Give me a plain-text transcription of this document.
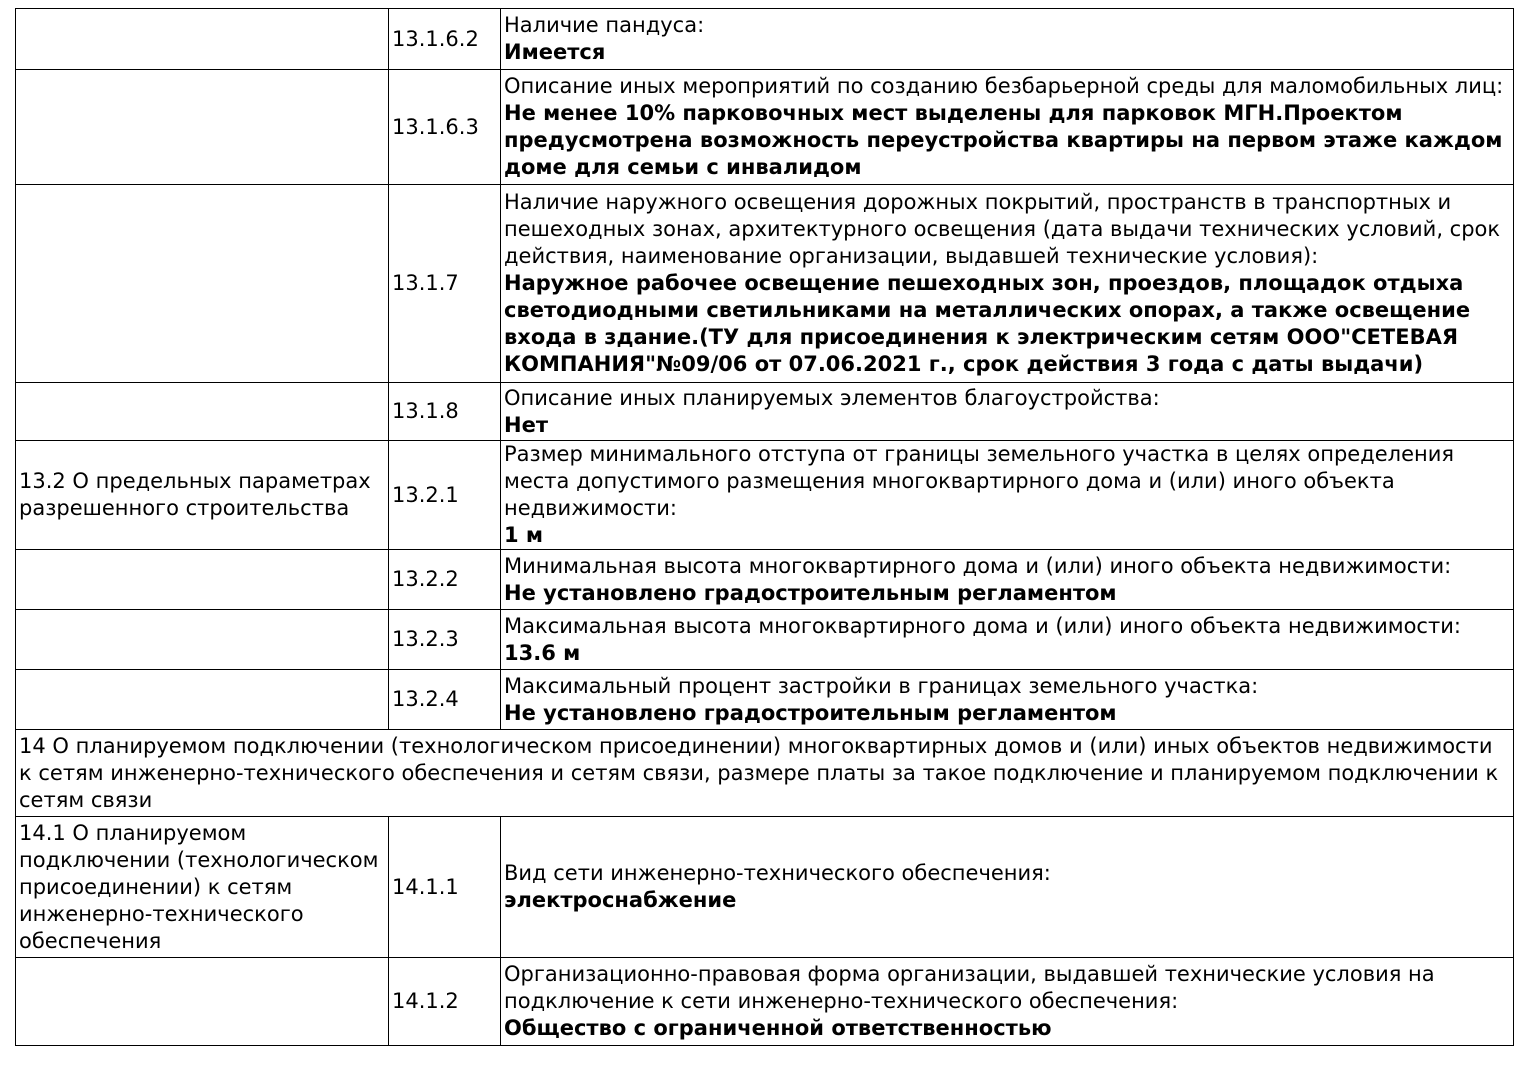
	13.1.6.2	Наличие пандуса:
Имеется

	13.1.6.3	Описание иных мероприятий по созданию безбарьерной среды для маломобильных лиц:
Не менее 10% парковочных мест выделены для парковок МГН.Проектом предусмотрена возможность переустройства квартиры на первом этаже каждом доме для семьи с инвалидом

	13.1.7	Наличие наружного освещения дорожных покрытий, пространств в транспортных и пешеходных зонах, архитектурного освещения (дата выдачи технических условий, срок действия, наименование организации, выдавшей технические условия):
Наружное рабочее освещение пешеходных зон, проездов, площадок отдыха светодиодными светильниками на металлических опорах, а также освещение входа в здание.(ТУ для присоединения к электрическим сетям ООО"СЕТЕВАЯ КОМПАНИЯ"№09/06 от 07.06.2021 г., срок действия 3 года с даты выдачи)

	13.1.8	Описание иных планируемых элементов благоустройства:
Нет

13.2 О предельных параметрах разрешенного строительства	13.2.1	Размер минимального отступа от границы земельного участка в целях определения места допустимого размещения многоквартирного дома и (или) иного объекта недвижимости:
1 м

	13.2.2	Минимальная высота многоквартирного дома и (или) иного объекта недвижимости:
Не установлено градостроительным регламентом

	13.2.3	Максимальная высота многоквартирного дома и (или) иного объекта недвижимости:
13.6 м

	13.2.4	Максимальный процент застройки в границах земельного участка:
Не установлено градостроительным регламентом

14 О планируемом подключении (технологическом присоединении) многоквартирных домов и (или) иных объектов недвижимости к сетям инженерно-технического обеспечения и сетям связи, размере платы за такое подключение и планируемом подключении к сетям связи		
14.1 О планируемом подключении (технологическом присоединении) к сетям инженерно-технического обеспечения	14.1.1	Вид сети инженерно-технического обеспечения:
электроснабжение

	14.1.2	Организационно-правовая форма организации, выдавшей технические условия на подключение к сети инженерно-технического обеспечения:
Общество с ограниченной ответственностью
